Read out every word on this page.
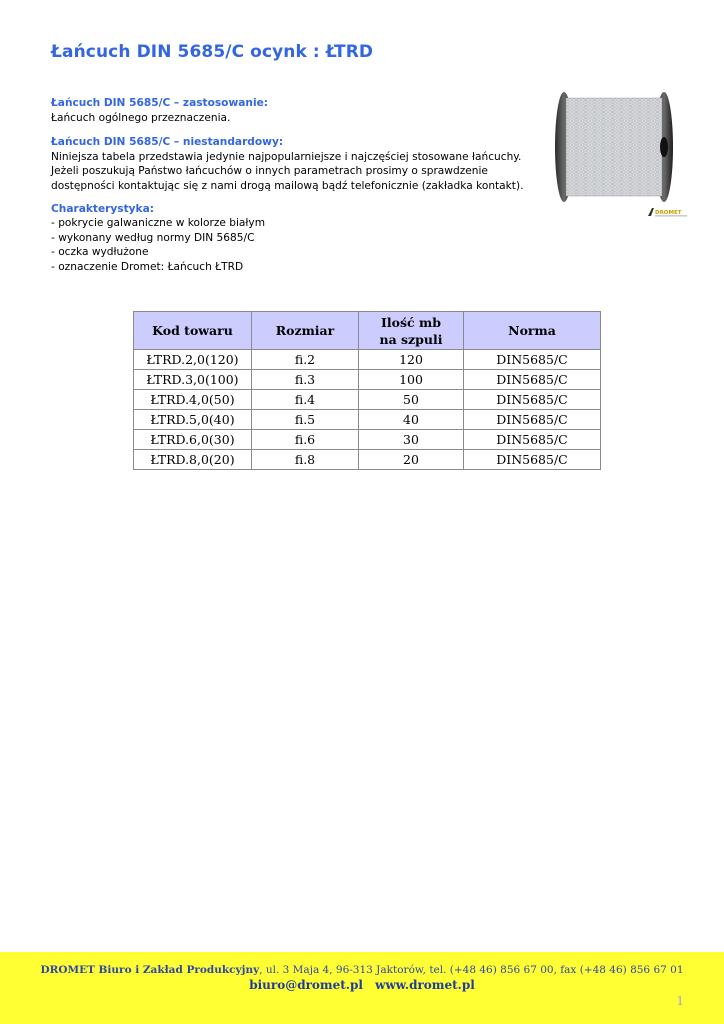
Łańcuch DIN 5685/C ocynk : ŁTRD

Łańcuch DIN 5685/C – zastosowanie:

Łańcuch ogólnego przeznaczenia.

Łańcuch DIN 5685/C – niestandardowy:

Niniejsza tabela przedstawia jedynie najpopularniejsze i najczęściej stosowane łańcuchy.

Jeżeli poszukują Państwo łańcuchów o innych parametrach prosimy o sprawdzenie

dostępności kontaktując się z nami drogą mailową bądź telefonicznie (zakładka kontakt).

Charakterystyka:

- pokrycie galwaniczne w kolorze białym

- wykonany według normy DIN 5685/C

- oczka wydłużone

- oznaczenie Dromet: Łańcuch ŁTRD

DROMET
Kod towaru	Rozmiar	Ilość mb
na szpuli	Norma
ŁTRD.2,0(120)	fi.2	120	DIN5685/C
ŁTRD.3,0(100)	fi.3	100	DIN5685/C
ŁTRD.4,0(50)	fi.4	50	DIN5685/C
ŁTRD.5,0(40)	fi.5	40	DIN5685/C
ŁTRD.6,0(30)	fi.6	30	DIN5685/C
ŁTRD.8,0(20)	fi.8	20	DIN5685/C
DROMET Biuro i Zakład Produkcyjny, ul. 3 Maja 4, 96-313 Jaktorów, tel. (+48 46) 856 67 00, fax (+48 46) 856 67 01
biuro@dromet.pl www.dromet.pl
1
